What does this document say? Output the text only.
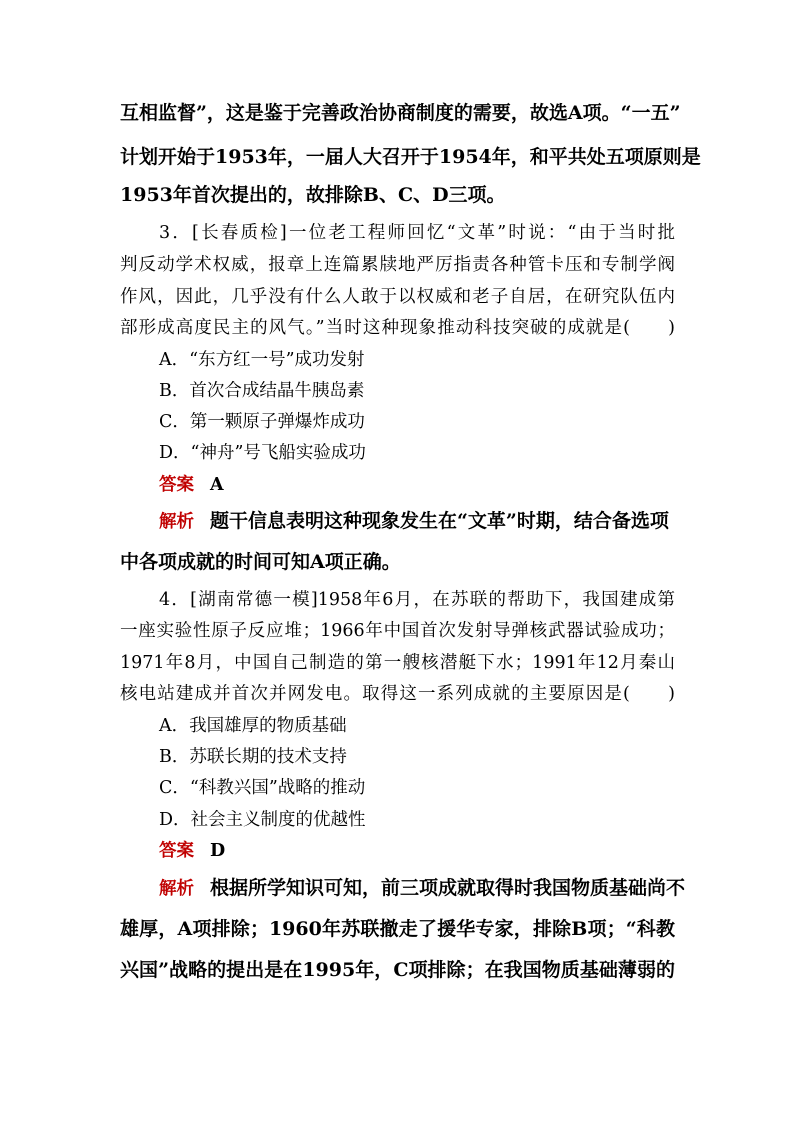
互相监督”，这是鉴于完善政治协商制度的需要，故选A项。“一五”
计划开始于1953年，一届人大召开于1954年，和平共处五项原则是
1953年首次提出的，故排除B、C、D三项。
3．[长春质检]一位老工程师回忆“文革”时说：“由于当时批
判反动学术权威，报章上连篇累牍地严厉指责各种管卡压和专制学阀
作风，因此，几乎没有什么人敢于以权威和老子自居，在研究队伍内
部形成高度民主的风气。”当时这种现象推动科技突破的成就是(　　)
A．“东方红一号”成功发射
B．首次合成结晶牛胰岛素
C．第一颗原子弹爆炸成功
D．“神舟”号飞船实验成功
答案 A
解析 题干信息表明这种现象发生在“文革”时期，结合备选项
中各项成就的时间可知A项正确。
4．[湖南常德一模]1958年6月，在苏联的帮助下，我国建成第
一座实验性原子反应堆；1966年中国首次发射导弹核武器试验成功；
1971年8月，中国自己制造的第一艘核潜艇下水；1991年12月秦山
核电站建成并首次并网发电。取得这一系列成就的主要原因是(　　)
A．我国雄厚的物质基础
B．苏联长期的技术支持
C．“科教兴国”战略的推动
D．社会主义制度的优越性
答案 D
解析 根据所学知识可知，前三项成就取得时我国物质基础尚不
雄厚，A项排除；1960年苏联撤走了援华专家，排除B项；“科教
兴国”战略的提出是在1995年，C项排除；在我国物质基础薄弱的
